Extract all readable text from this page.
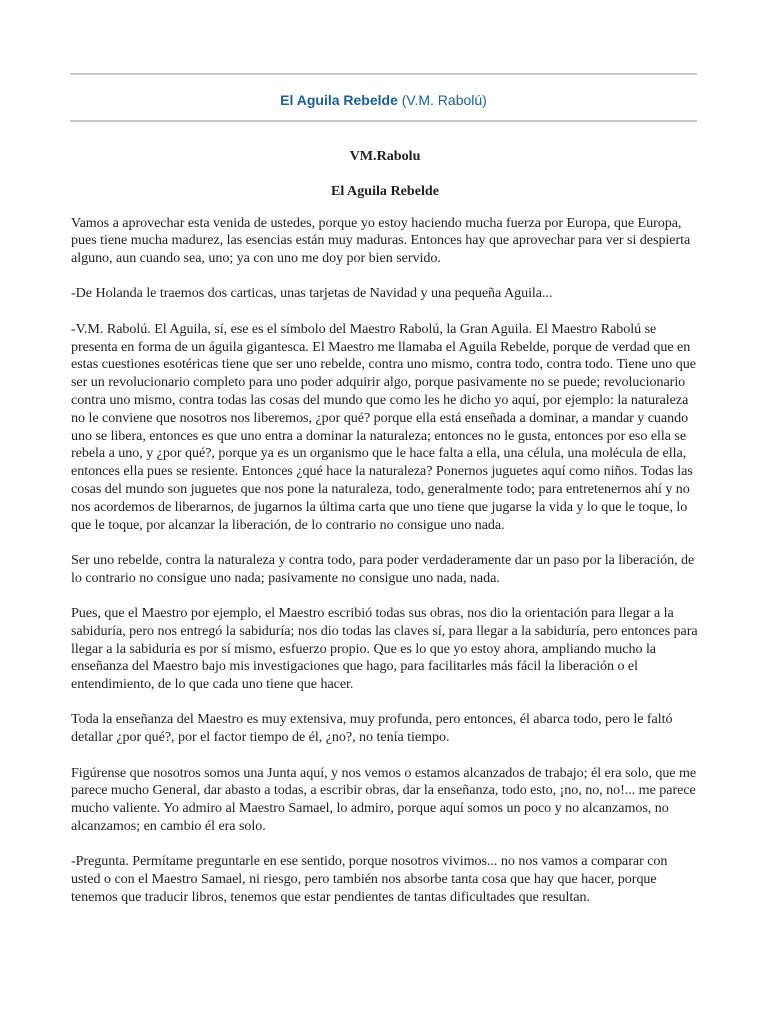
El Aguila Rebelde (V.M. Rabolú)

VM.Rabolu

El Aguila Rebelde

Vamos a aprovechar esta venida de ustedes, porque yo estoy haciendo mucha fuerza por Europa, que Europa, pues tiene mucha madurez, las esencias están muy maduras. Entonces hay que aprovechar para ver si despierta alguno, aun cuando sea, uno; ya con uno me doy por bien servido.

-De Holanda le traemos dos carticas, unas tarjetas de Navidad y una pequeña Aguila...

-V.M. Rabolú. El Aguila, sí, ese es el símbolo del Maestro Rabolú, la Gran Aguila. El Maestro Rabolú se presenta en forma de un águila gigantesca. El Maestro me llamaba el Aguila Rebelde, porque de verdad que en estas cuestiones esotéricas tiene que ser uno rebelde, contra uno mismo, contra todo, contra todo. Tiene uno que ser un revolucionario completo para uno poder adquirir algo, porque pasivamente no se puede; revolucionario contra uno mismo, contra todas las cosas del mundo que como les he dicho yo aquí, por ejemplo: la naturaleza no le conviene que nosotros nos liberemos, ¿por qué? porque ella está enseñada a dominar, a mandar y cuando uno se libera, entonces es que uno entra a dominar la naturaleza; entonces no le gusta, entonces por eso ella se rebela a uno, y ¿por qué?, porque ya es un organismo que le hace falta a ella, una célula, una molécula de ella, entonces ella pues se resiente. Entonces ¿qué hace la naturaleza? Ponernos juguetes aquí como niños. Todas las cosas del mundo son juguetes que nos pone la naturaleza, todo, generalmente todo; para entretenernos ahí y no nos acordemos de liberarnos, de jugarnos la última carta que uno tiene que jugarse la vida y lo que le toque, lo que le toque, por alcanzar la liberación, de lo contrario no consigue uno nada.

Ser uno rebelde, contra la naturaleza y contra todo, para poder verdaderamente dar un paso por la liberación, de lo contrario no consigue uno nada; pasivamente no consigue uno nada, nada.

Pues, que el Maestro por ejemplo, el Maestro escribió todas sus obras, nos dio la orientación para llegar a la sabiduría, pero nos entregó la sabiduría; nos dio todas las claves sí, para llegar a la sabiduría, pero entonces para llegar a la sabiduría es por sí mismo, esfuerzo propio. Que es lo que yo estoy ahora, ampliando mucho la enseñanza del Maestro bajo mis investigaciones que hago, para facilitarles más fácil la liberación o el entendimiento, de lo que cada uno tiene que hacer.

Toda la enseñanza del Maestro es muy extensiva, muy profunda, pero entonces, él abarca todo, pero le faltó detallar ¿por qué?, por el factor tiempo de él, ¿no?, no tenía tiempo.

Figúrense que nosotros somos una Junta aquí, y nos vemos o estamos alcanzados de trabajo; él era solo, que me parece mucho General, dar abasto a todas, a escribir obras, dar la enseñanza, todo esto, ¡no, no, no!... me parece mucho valiente. Yo admiro al Maestro Samael, lo admiro, porque aquí somos un poco y no alcanzamos, no alcanzamos; en cambio él era solo.

-Pregunta. Permítame preguntarle en ese sentido, porque nosotros vivimos... no nos vamos a comparar con usted o con el Maestro Samael, ni riesgo, pero también nos absorbe tanta cosa que hay que hacer, porque tenemos que traducir libros, tenemos que estar pendientes de tantas dificultades que resultan.
